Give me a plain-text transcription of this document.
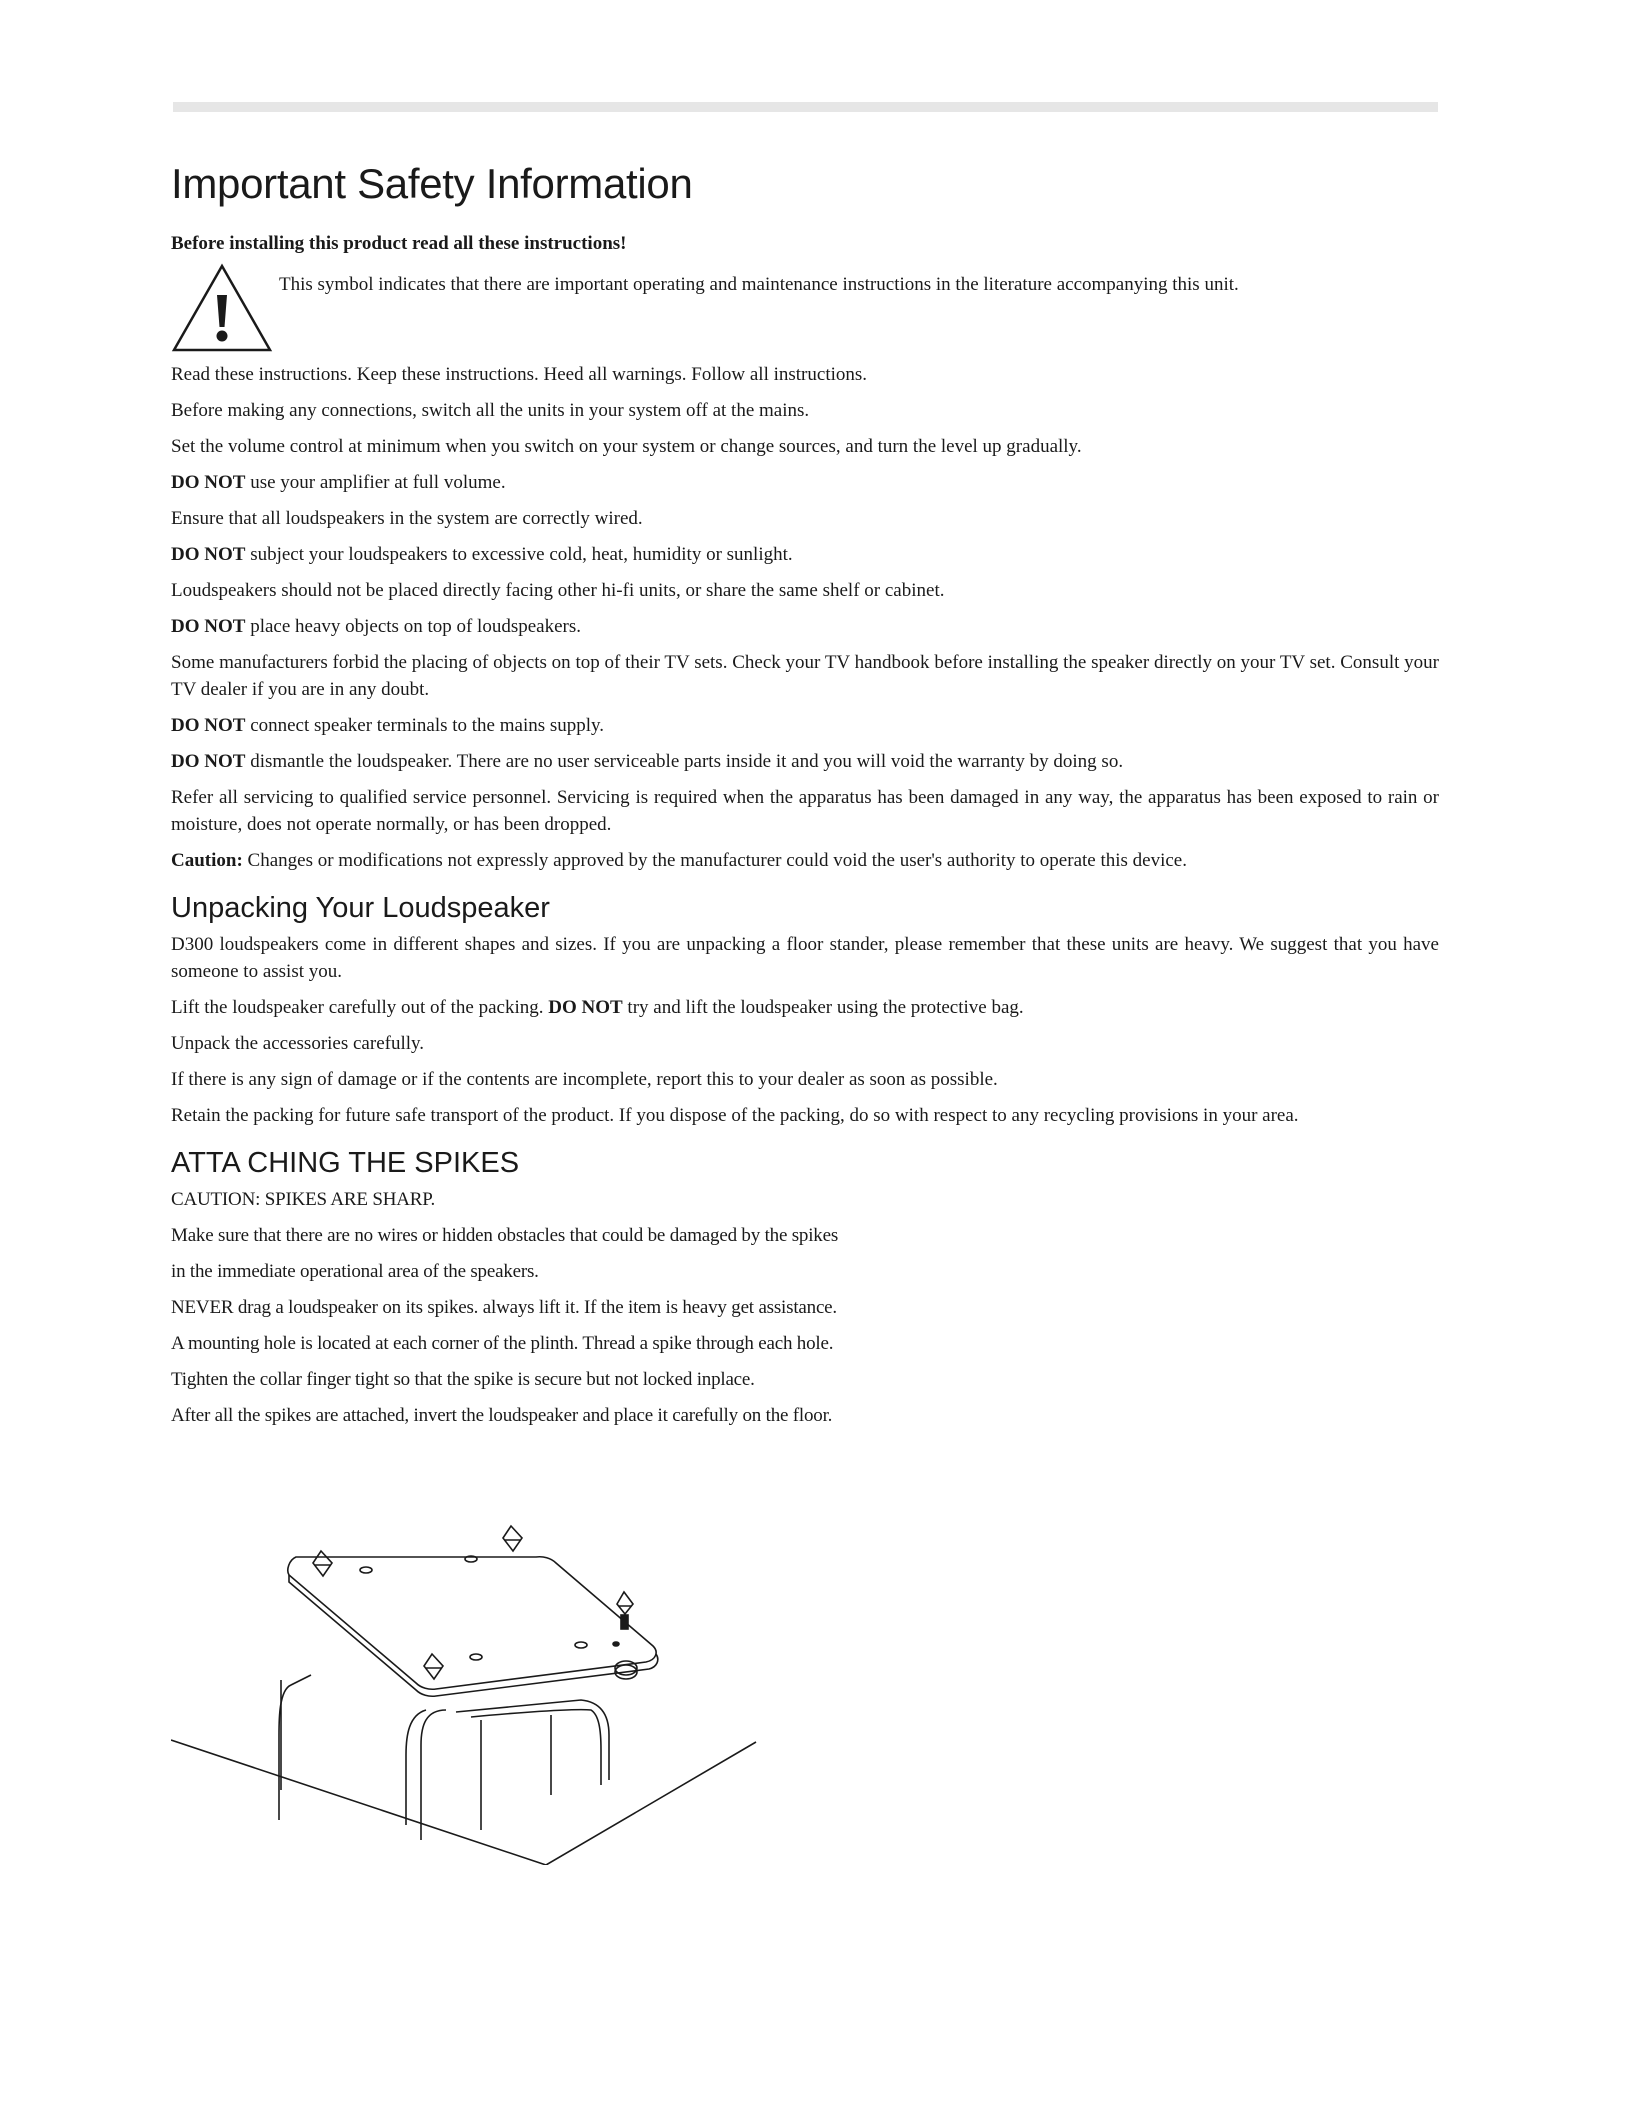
Important Safety Information

Before installing this product read all these instructions!

This symbol indicates that there are important operating and maintenance instructions in the literature accompanying this unit.

Read these instructions. Keep these instructions. Heed all warnings. Follow all instructions.

Before making any connections, switch all the units in your system off at the mains.

Set the volume control at minimum when you switch on your system or change sources, and turn the level up gradually.

DO NOT use your amplifier at full volume.

Ensure that all loudspeakers in the system are correctly wired.

DO NOT subject your loudspeakers to excessive cold, heat, humidity or sunlight.

Loudspeakers should not be placed directly facing other hi-fi units, or share the same shelf or cabinet.

DO NOT place heavy objects on top of loudspeakers.

Some manufacturers forbid the placing of objects on top of their TV sets. Check your TV handbook before installing the speaker directly on your TV set. Consult your TV dealer if you are in any doubt.

DO NOT connect speaker terminals to the mains supply.

DO NOT dismantle the loudspeaker. There are no user serviceable parts inside it and you will void the warranty by doing so.

Refer all servicing to qualified service personnel. Servicing is required when the apparatus has been damaged in any way, the apparatus has been exposed to rain or moisture, does not operate normally, or has been dropped.

Caution: Changes or modifications not expressly approved by the manufacturer could void the user's authority to operate this device.

Unpacking Your Loudspeaker

D300 loudspeakers come in different shapes and sizes. If you are unpacking a floor stander, please remember that these units are heavy. We suggest that you have someone to assist you.

Lift the loudspeaker carefully out of the packing. DO NOT try and lift the loudspeaker using the protective bag.

Unpack the accessories carefully.

If there is any sign of damage or if the contents are incomplete, report this to your dealer as soon as possible.

Retain the packing for future safe transport of the product. If you dispose of the packing, do so with respect to any recycling provisions in your area.

ATTA CHING THE SPIKES

CAUTION: SPIKES ARE SHARP.

Make sure that there are no wires or hidden obstacles that could be damaged by the spikes

in the immediate operational area of the speakers.

NEVER drag a loudspeaker on its spikes. always lift it. If the item is heavy get assistance.

A mounting hole is located at each corner of the plinth. Thread a spike through each hole.

Tighten the collar finger tight so that the spike is secure but not locked inplace.

After all the spikes are attached, invert the loudspeaker and place it carefully on the floor.
